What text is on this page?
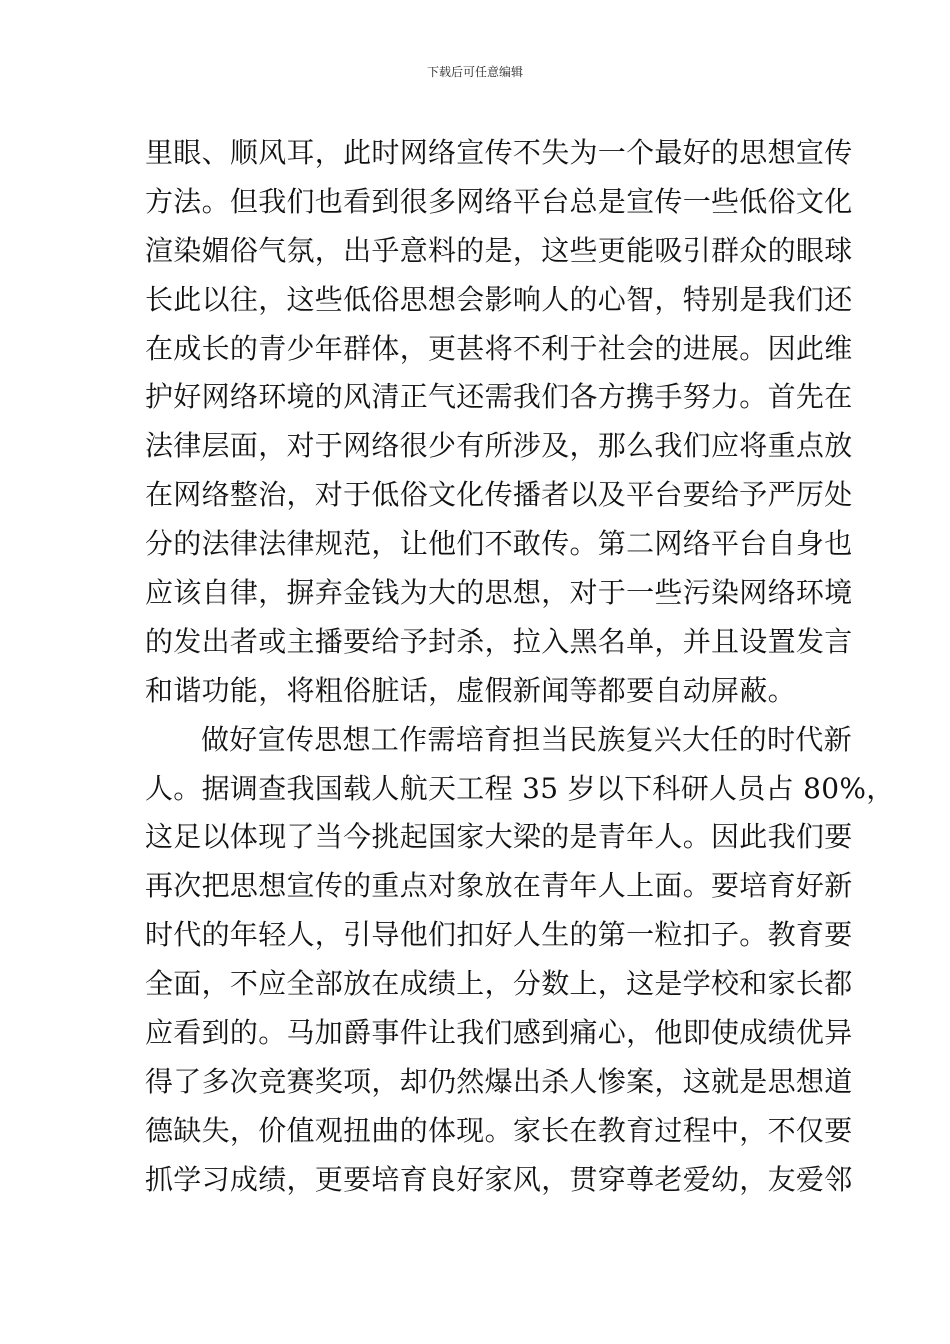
下载后可任意编辑
里眼、顺风耳，此时网络宣传不失为一个最好的思想宣传
方法。但我们也看到很多网络平台总是宣传一些低俗文化
渲染媚俗气氛，出乎意料的是，这些更能吸引群众的眼球
长此以往，这些低俗思想会影响人的心智，特别是我们还
在成长的青少年群体，更甚将不利于社会的进展。因此维
护好网络环境的风清正气还需我们各方携手努力。首先在
法律层面，对于网络很少有所涉及，那么我们应将重点放
在网络整治，对于低俗文化传播者以及平台要给予严厉处
分的法律法律规范，让他们不敢传。第二网络平台自身也
应该自律，摒弃金钱为大的思想，对于一些污染网络环境
的发出者或主播要给予封杀，拉入黑名单，并且设置发言
和谐功能，将粗俗脏话，虚假新闻等都要自动屏蔽。
做好宣传思想工作需培育担当民族复兴大任的时代新
人。据调查我国载人航天工程 35 岁以下科研人员占 80%，
这足以体现了当今挑起国家大梁的是青年人。因此我们要
再次把思想宣传的重点对象放在青年人上面。要培育好新
时代的年轻人，引导他们扣好人生的第一粒扣子。教育要
全面，不应全部放在成绩上，分数上，这是学校和家长都
应看到的。马加爵事件让我们感到痛心，他即使成绩优异
得了多次竞赛奖项，却仍然爆出杀人惨案，这就是思想道
德缺失，价值观扭曲的体现。家长在教育过程中，不仅要
抓学习成绩，更要培育良好家风，贯穿尊老爱幼，友爱邻
